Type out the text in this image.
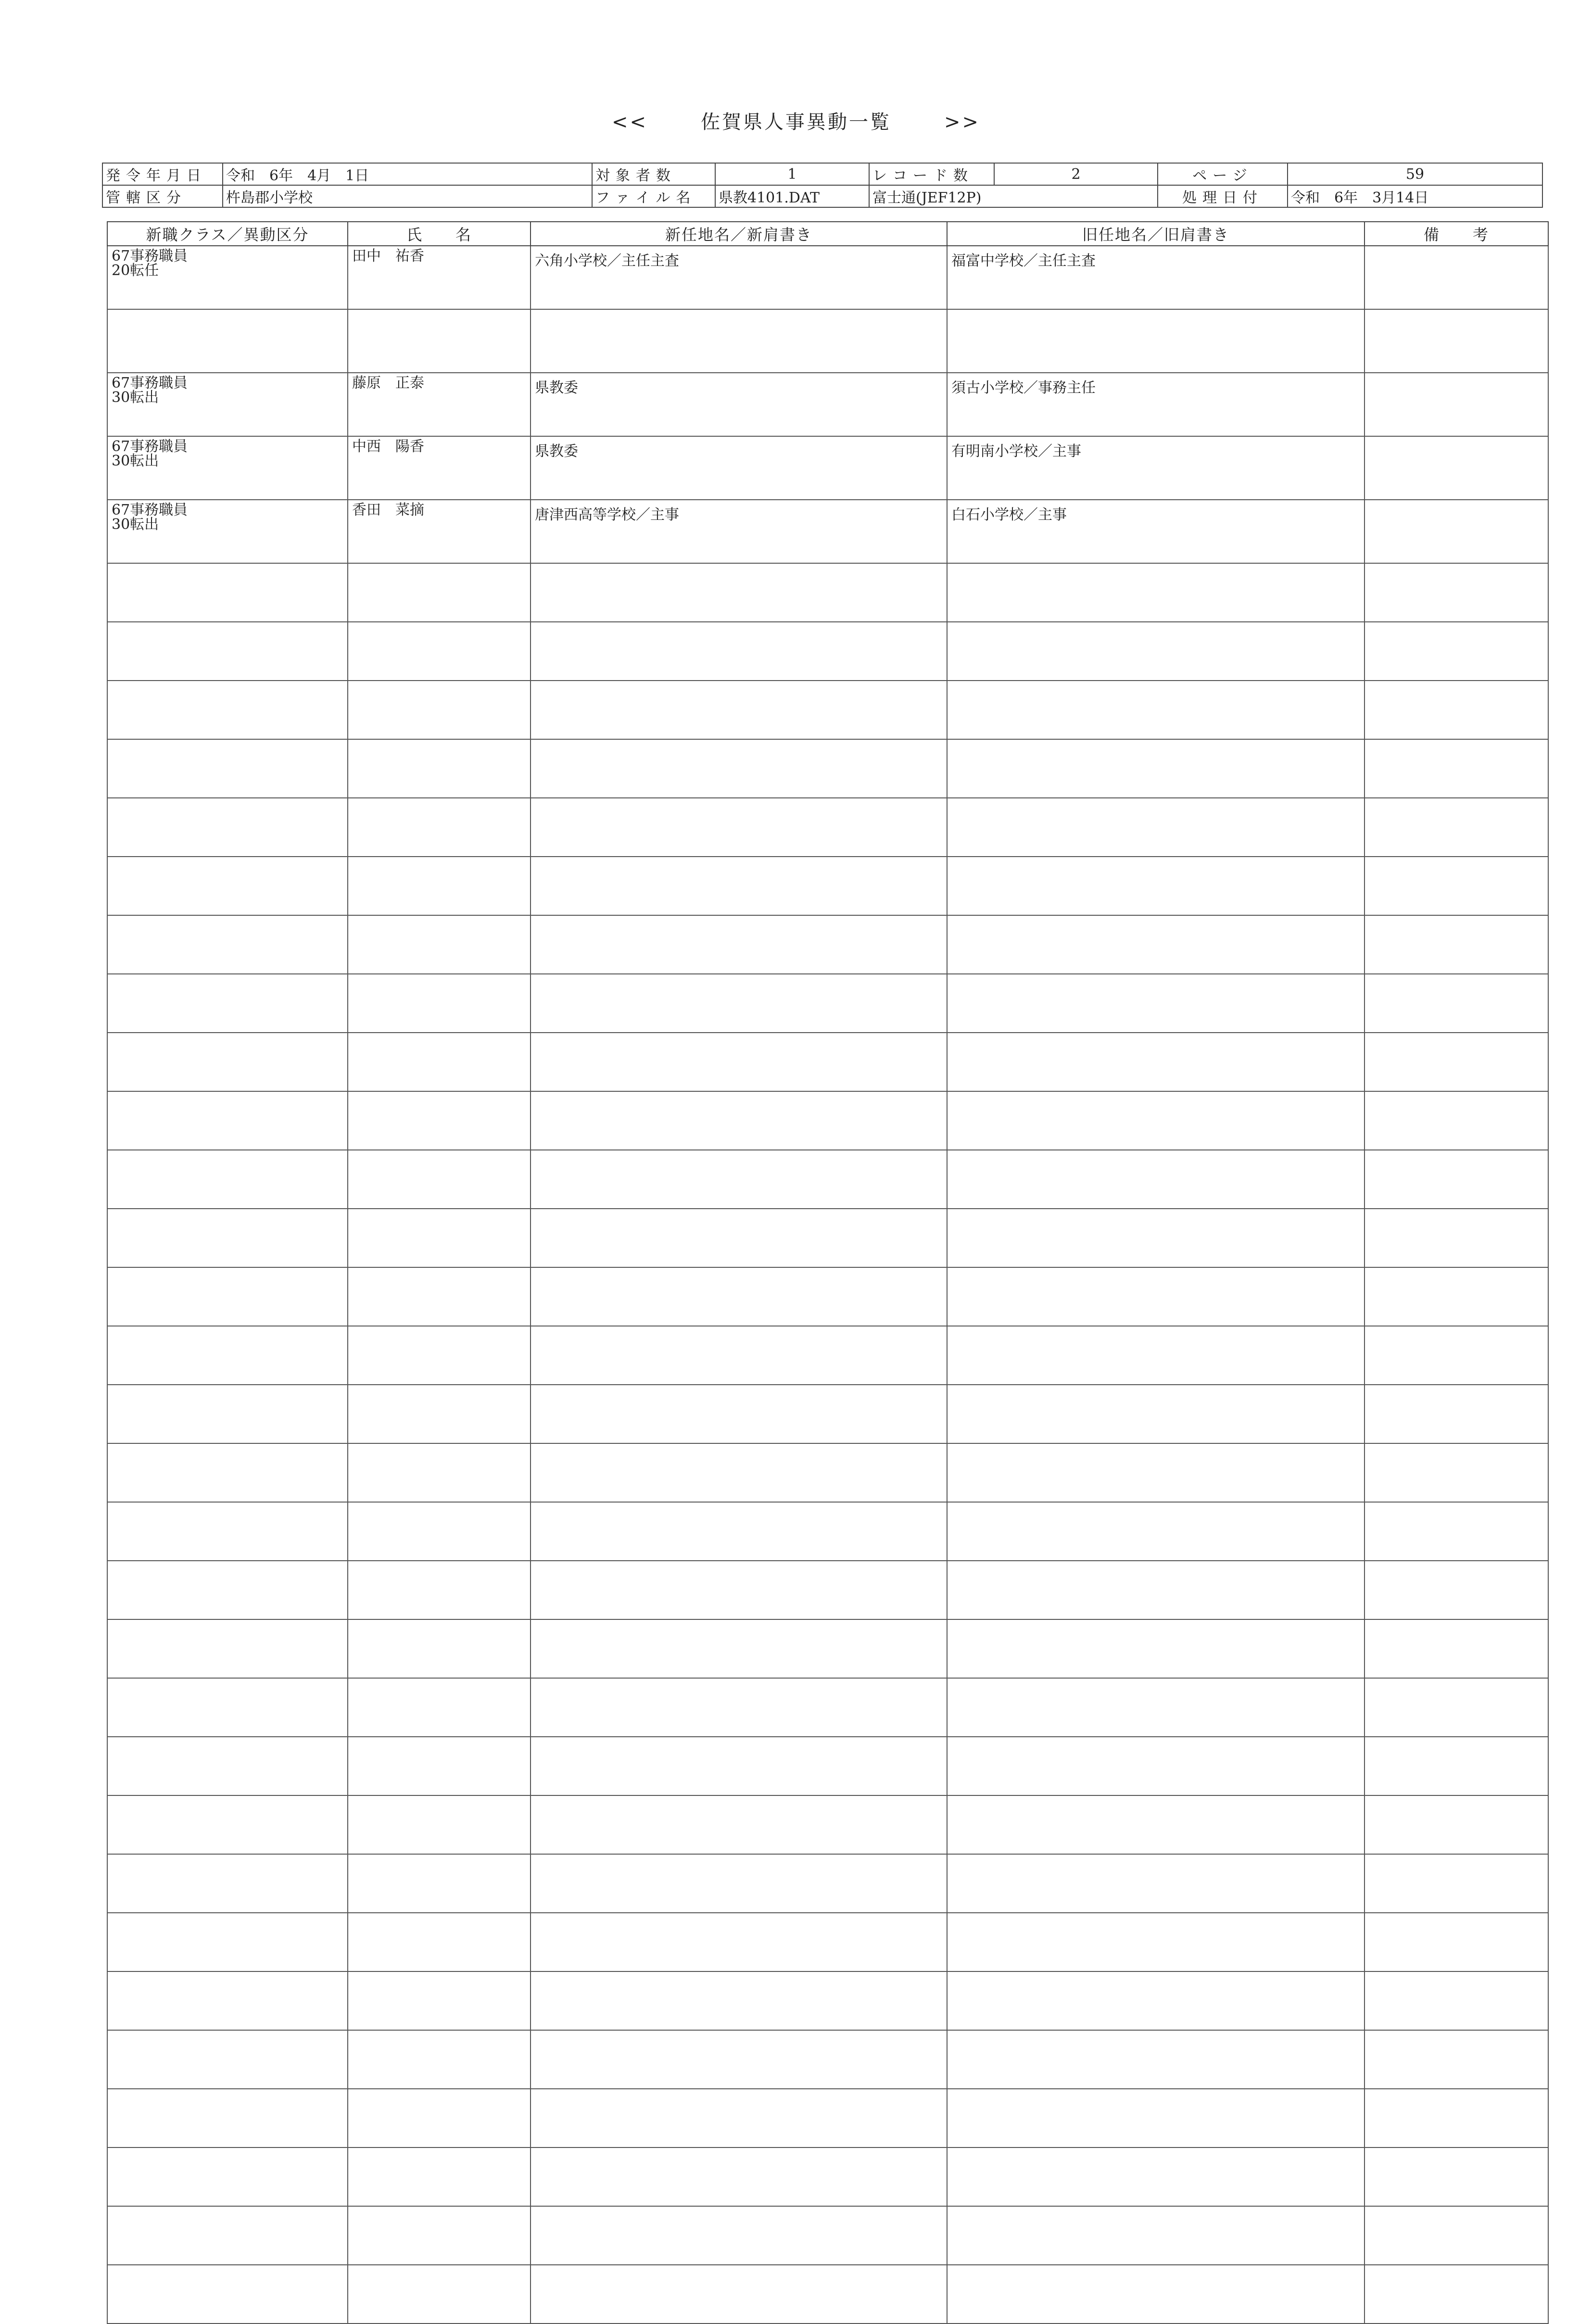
<<	佐賀県人事異動一覧	>>
発令年月日	令和　6年　4月　1日	対象者数	1	レコード数	2	ページ	59
管轄区分	杵島郡小学校	ファイル名	県教4101.DAT	富士通(JEF12P)		処理日付	令和　6年　3月14日
新職クラス／異動区分	氏　　名	新任地名／新肩書き	旧任地名／旧肩書き	備　　考

67事務職員
20転任	田中　祐香	六角小学校／主任主査	福富中学校／主任主査	

67事務職員
30転出	藤原　正泰	県教委	須古小学校／事務主任	

67事務職員
30転出	中西　陽香	県教委	有明南小学校／主事	

67事務職員
30転出	香田　菜摘	唐津西高等学校／主事	白石小学校／主事	
